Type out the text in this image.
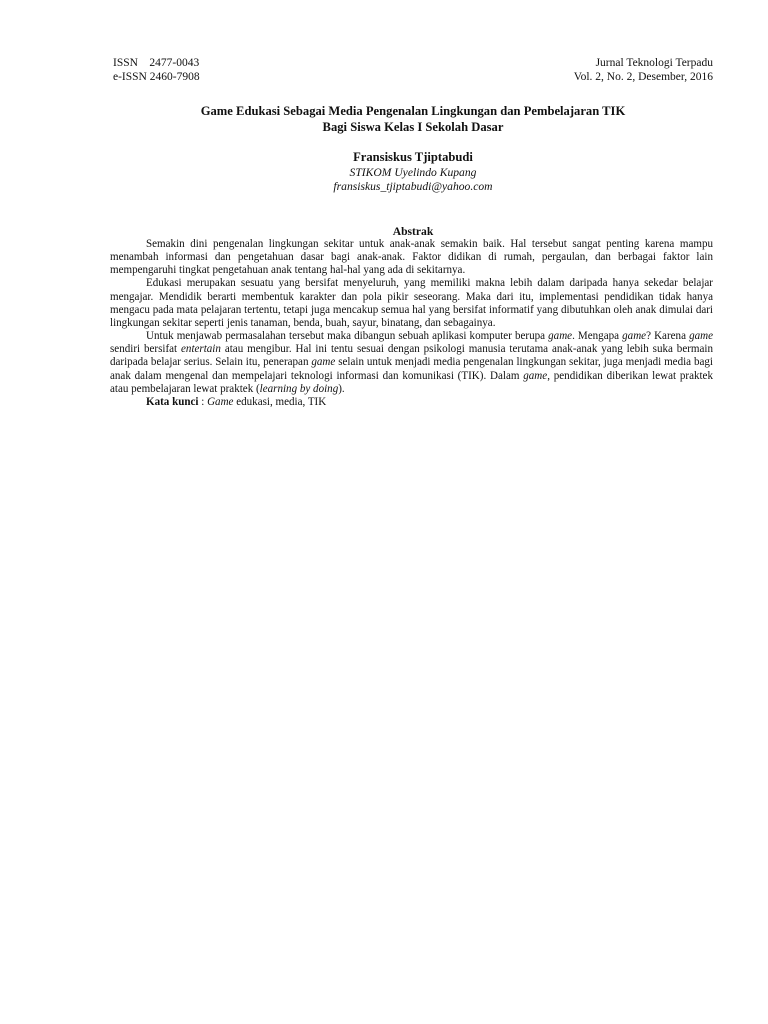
ISSN    2477-0043
e-ISSN 2460-7908
Jurnal Teknologi Terpadu
Vol. 2, No. 2, Desember, 2016
Game Edukasi Sebagai Media Pengenalan Lingkungan dan Pembelajaran TIK
Bagi Siswa Kelas I Sekolah Dasar
Fransiskus Tjiptabudi
STIKOM Uyelindo Kupang
fransiskus_tjiptabudi@yahoo.com
Abstrak

Semakin dini pengenalan lingkungan sekitar untuk anak-anak semakin baik. Hal tersebut sangat penting karena mampu menambah informasi dan pengetahuan dasar bagi anak-anak. Faktor didikan di rumah, pergaulan, dan berbagai faktor lain mempengaruhi tingkat pengetahuan anak tentang hal-hal yang ada di sekitarnya.

Edukasi merupakan sesuatu yang bersifat menyeluruh, yang memiliki makna lebih dalam daripada hanya sekedar belajar mengajar. Mendidik berarti membentuk karakter dan pola pikir seseorang. Maka dari itu, implementasi pendidikan tidak hanya mengacu pada mata pelajaran tertentu, tetapi juga mencakup semua hal yang bersifat informatif yang dibutuhkan oleh anak dimulai dari lingkungan sekitar seperti jenis tanaman, benda, buah, sayur, binatang, dan sebagainya.

Untuk menjawab permasalahan tersebut maka dibangun sebuah aplikasi komputer berupa game. Mengapa game? Karena game sendiri bersifat entertain atau mengibur. Hal ini tentu sesuai dengan psikologi manusia terutama anak-anak yang lebih suka bermain daripada belajar serius. Selain itu, penerapan game selain untuk menjadi media pengenalan lingkungan sekitar, juga menjadi media bagi anak dalam mengenal dan mempelajari teknologi informasi dan komunikasi (TIK). Dalam game, pendidikan diberikan lewat praktek atau pembelajaran lewat praktek (learning by doing).

Kata kunci : Game edukasi, media, TIK
